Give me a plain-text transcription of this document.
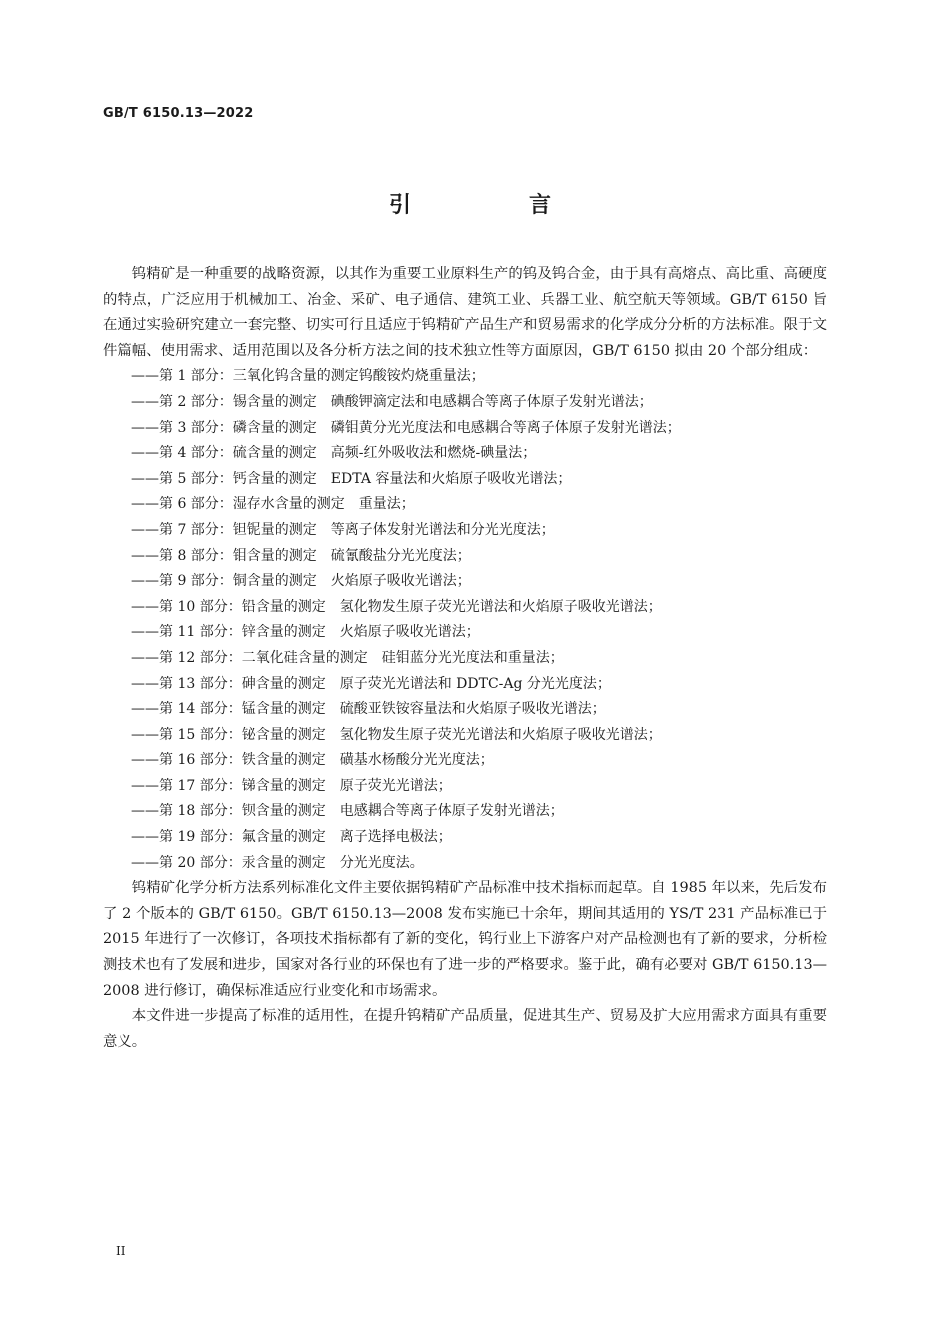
GB/T 6150.13—2022
引　言

钨精矿是一种重要的战略资源，以其作为重要工业原料生产的钨及钨合金，由于具有高熔点、高比重、高硬度的特点，广泛应用于机械加工、冶金、采矿、电子通信、建筑工业、兵器工业、航空航天等领域。GB/T 6150 旨在通过实验研究建立一套完整、切实可行且适应于钨精矿产品生产和贸易需求的化学成分分析的方法标准。限于文件篇幅、使用需求、适用范围以及各分析方法之间的技术独立性等方面原因，GB/T 6150 拟由 20 个部分组成：

——第 1 部分：三氧化钨含量的测定钨酸铵灼烧重量法；
——第 2 部分：锡含量的测定　碘酸钾滴定法和电感耦合等离子体原子发射光谱法；
——第 3 部分：磷含量的测定　磷钼黄分光光度法和电感耦合等离子体原子发射光谱法；
——第 4 部分：硫含量的测定　高频-红外吸收法和燃烧-碘量法；
——第 5 部分：钙含量的测定　EDTA 容量法和火焰原子吸收光谱法；
——第 6 部分：湿存水含量的测定　重量法；
——第 7 部分：钽铌量的测定　等离子体发射光谱法和分光光度法；
——第 8 部分：钼含量的测定　硫氰酸盐分光光度法；
——第 9 部分：铜含量的测定　火焰原子吸收光谱法；
——第 10 部分：铅含量的测定　氢化物发生原子荧光光谱法和火焰原子吸收光谱法；
——第 11 部分：锌含量的测定　火焰原子吸收光谱法；
——第 12 部分：二氧化硅含量的测定　硅钼蓝分光光度法和重量法；
——第 13 部分：砷含量的测定　原子荧光光谱法和 DDTC-Ag 分光光度法；
——第 14 部分：锰含量的测定　硫酸亚铁铵容量法和火焰原子吸收光谱法；
——第 15 部分：铋含量的测定　氢化物发生原子荧光光谱法和火焰原子吸收光谱法；
——第 16 部分：铁含量的测定　磺基水杨酸分光光度法；
——第 17 部分：锑含量的测定　原子荧光光谱法；
——第 18 部分：钡含量的测定　电感耦合等离子体原子发射光谱法；
——第 19 部分：氟含量的测定　离子选择电极法；
——第 20 部分：汞含量的测定　分光光度法。

钨精矿化学分析方法系列标准化文件主要依据钨精矿产品标准中技术指标而起草。自 1985 年以来，先后发布了 2 个版本的 GB/T 6150。GB/T 6150.13—2008 发布实施已十余年，期间其适用的 YS/T 231 产品标准已于 2015 年进行了一次修订，各项技术指标都有了新的变化，钨行业上下游客户对产品检测也有了新的要求，分析检测技术也有了发展和进步，国家对各行业的环保也有了进一步的严格要求。鉴于此，确有必要对 GB/T 6150.13—2008 进行修订，确保标准适应行业变化和市场需求。

本文件进一步提高了标准的适用性，在提升钨精矿产品质量，促进其生产、贸易及扩大应用需求方面具有重要意义。

II
